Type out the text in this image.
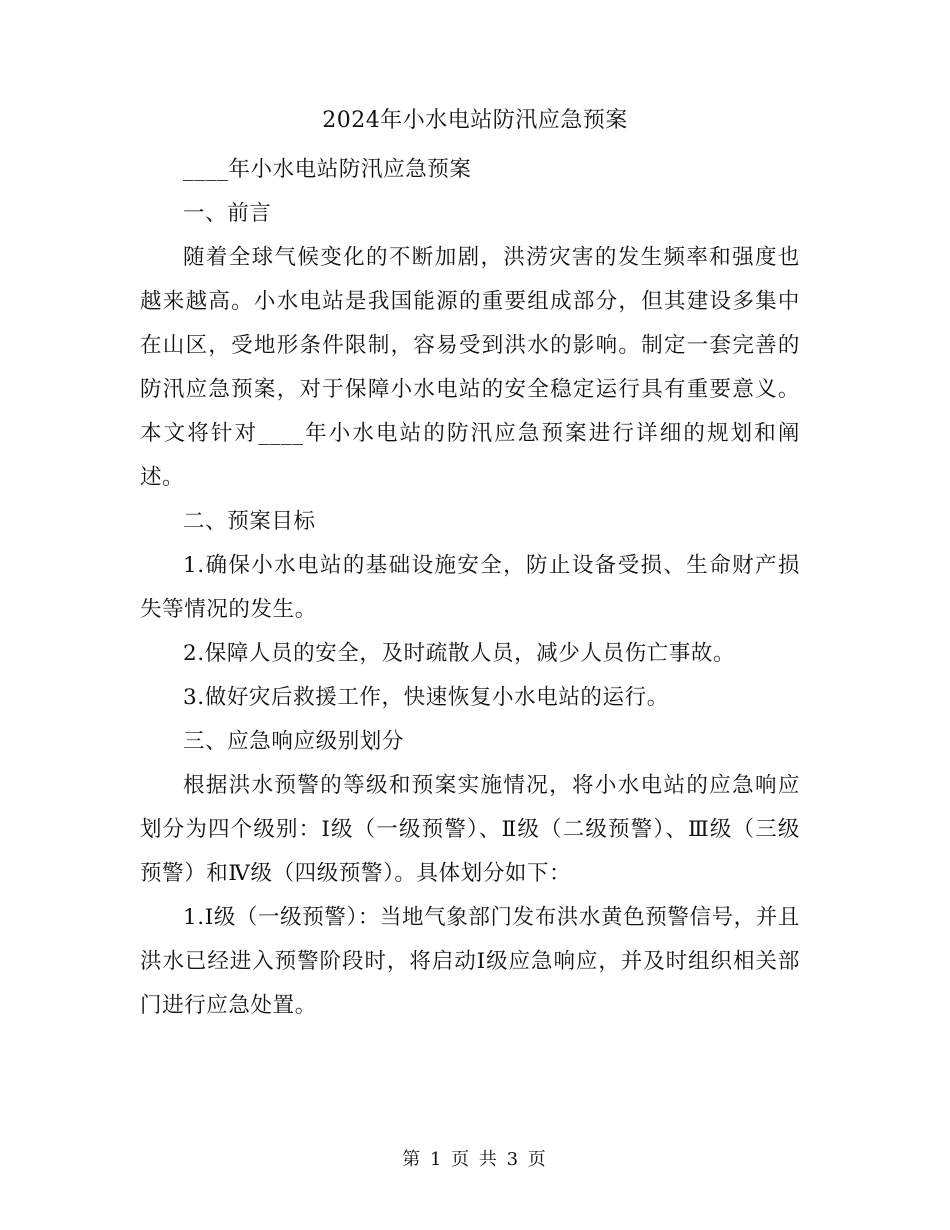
2024年小水电站防汛应急预案

____年小水电站防汛应急预案

一、前言

随着全球气候变化的不断加剧，洪涝灾害的发生频率和强度也越来越高。小水电站是我国能源的重要组成部分，但其建设多集中在山区，受地形条件限制，容易受到洪水的影响。制定一套完善的防汛应急预案，对于保障小水电站的安全稳定运行具有重要意义。本文将针对____年小水电站的防汛应急预案进行详细的规划和阐述。

二、预案目标

1.确保小水电站的基础设施安全，防止设备受损、生命财产损失等情况的发生。

2.保障人员的安全，及时疏散人员，减少人员伤亡事故。

3.做好灾后救援工作，快速恢复小水电站的运行。

三、应急响应级别划分

根据洪水预警的等级和预案实施情况，将小水电站的应急响应划分为四个级别：Ⅰ级（一级预警）、Ⅱ级（二级预警）、Ⅲ级（三级预警）和Ⅳ级（四级预警）。具体划分如下：

1.Ⅰ级（一级预警）：当地气象部门发布洪水黄色预警信号，并且洪水已经进入预警阶段时，将启动Ⅰ级应急响应，并及时组织相关部门进行应急处置。

第 1 页 共 3 页
